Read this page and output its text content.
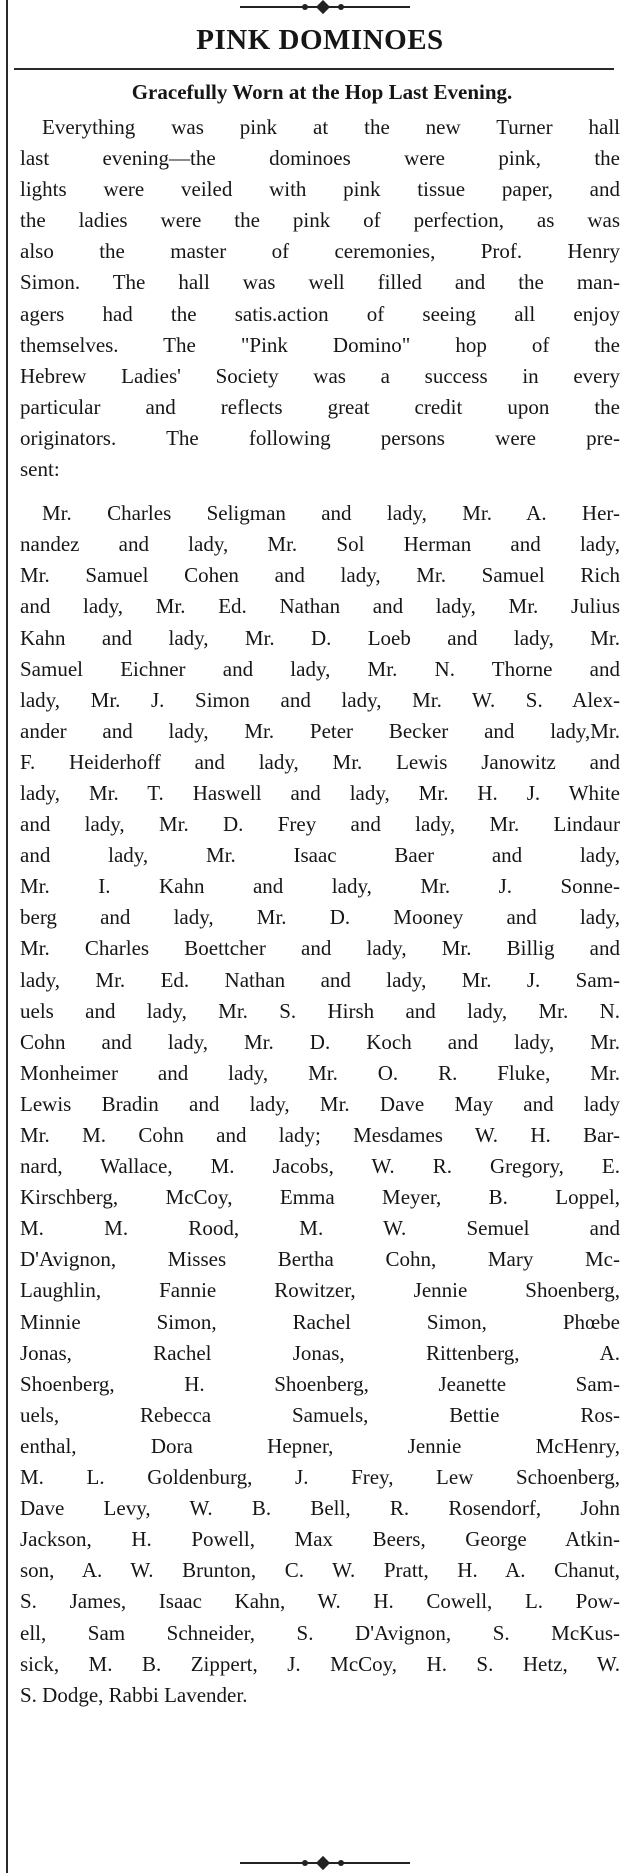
PINK DOMINOES
Gracefully Worn at the Hop Last Evening.
Everything was pink at the new Turner hall
last evening—the dominoes were pink, the
lights were veiled with pink tissue paper, and
the ladies were the pink of perfection, as was
also the master of ceremonies, Prof. Henry
Simon. The hall was well filled and the man-
agers had the satis.action of seeing all enjoy
themselves. The "Pink Domino" hop of the
Hebrew Ladies' Society was a success in every
particular and reflects great credit upon the
originators. The following persons were pre-
sent:
Mr. Charles Seligman and lady, Mr. A. Her-
nandez and lady, Mr. Sol Herman and lady,
Mr. Samuel Cohen and lady, Mr. Samuel Rich
and lady, Mr. Ed. Nathan and lady, Mr. Julius
Kahn and lady, Mr. D. Loeb and lady, Mr.
Samuel Eichner and lady, Mr. N. Thorne and
lady, Mr. J. Simon and lady, Mr. W. S. Alex-
ander and lady, Mr. Peter Becker and lady,Mr.
F. Heiderhoff and lady, Mr. Lewis Janowitz and
lady, Mr. T. Haswell and lady, Mr. H. J. White
and lady, Mr. D. Frey and lady, Mr. Lindaur
and lady, Mr. Isaac Baer and lady,
Mr. I. Kahn and lady, Mr. J. Sonne-
berg and lady, Mr. D. Mooney and lady,
Mr. Charles Boettcher and lady, Mr. Billig and
lady, Mr. Ed. Nathan and lady, Mr. J. Sam-
uels and lady, Mr. S. Hirsh and lady, Mr. N.
Cohn and lady, Mr. D. Koch and lady, Mr.
Monheimer and lady, Mr. O. R. Fluke, Mr.
Lewis Bradin and lady, Mr. Dave May and lady
Mr. M. Cohn and lady; Mesdames W. H. Bar-
nard, Wallace, M. Jacobs, W. R. Gregory, E.
Kirschberg, McCoy, Emma Meyer, B. Loppel,
M. M. Rood, M. W. Semuel and
D'Avignon, Misses Bertha Cohn, Mary Mc-
Laughlin, Fannie Rowitzer, Jennie Shoenberg,
Minnie Simon, Rachel Simon, Phœbe
Jonas, Rachel Jonas, Rittenberg, A.
Shoenberg, H. Shoenberg, Jeanette Sam-
uels, Rebecca Samuels, Bettie Ros-
enthal, Dora Hepner, Jennie McHenry,
M. L. Goldenburg, J. Frey, Lew Schoenberg,
Dave Levy, W. B. Bell, R. Rosendorf, John
Jackson, H. Powell, Max Beers, George Atkin-
son, A. W. Brunton, C. W. Pratt, H. A. Chanut,
S. James, Isaac Kahn, W. H. Cowell, L. Pow-
ell, Sam Schneider, S. D'Avignon, S. McKus-
sick, M. B. Zippert, J. McCoy, H. S. Hetz, W.
S. Dodge, Rabbi Lavender.
